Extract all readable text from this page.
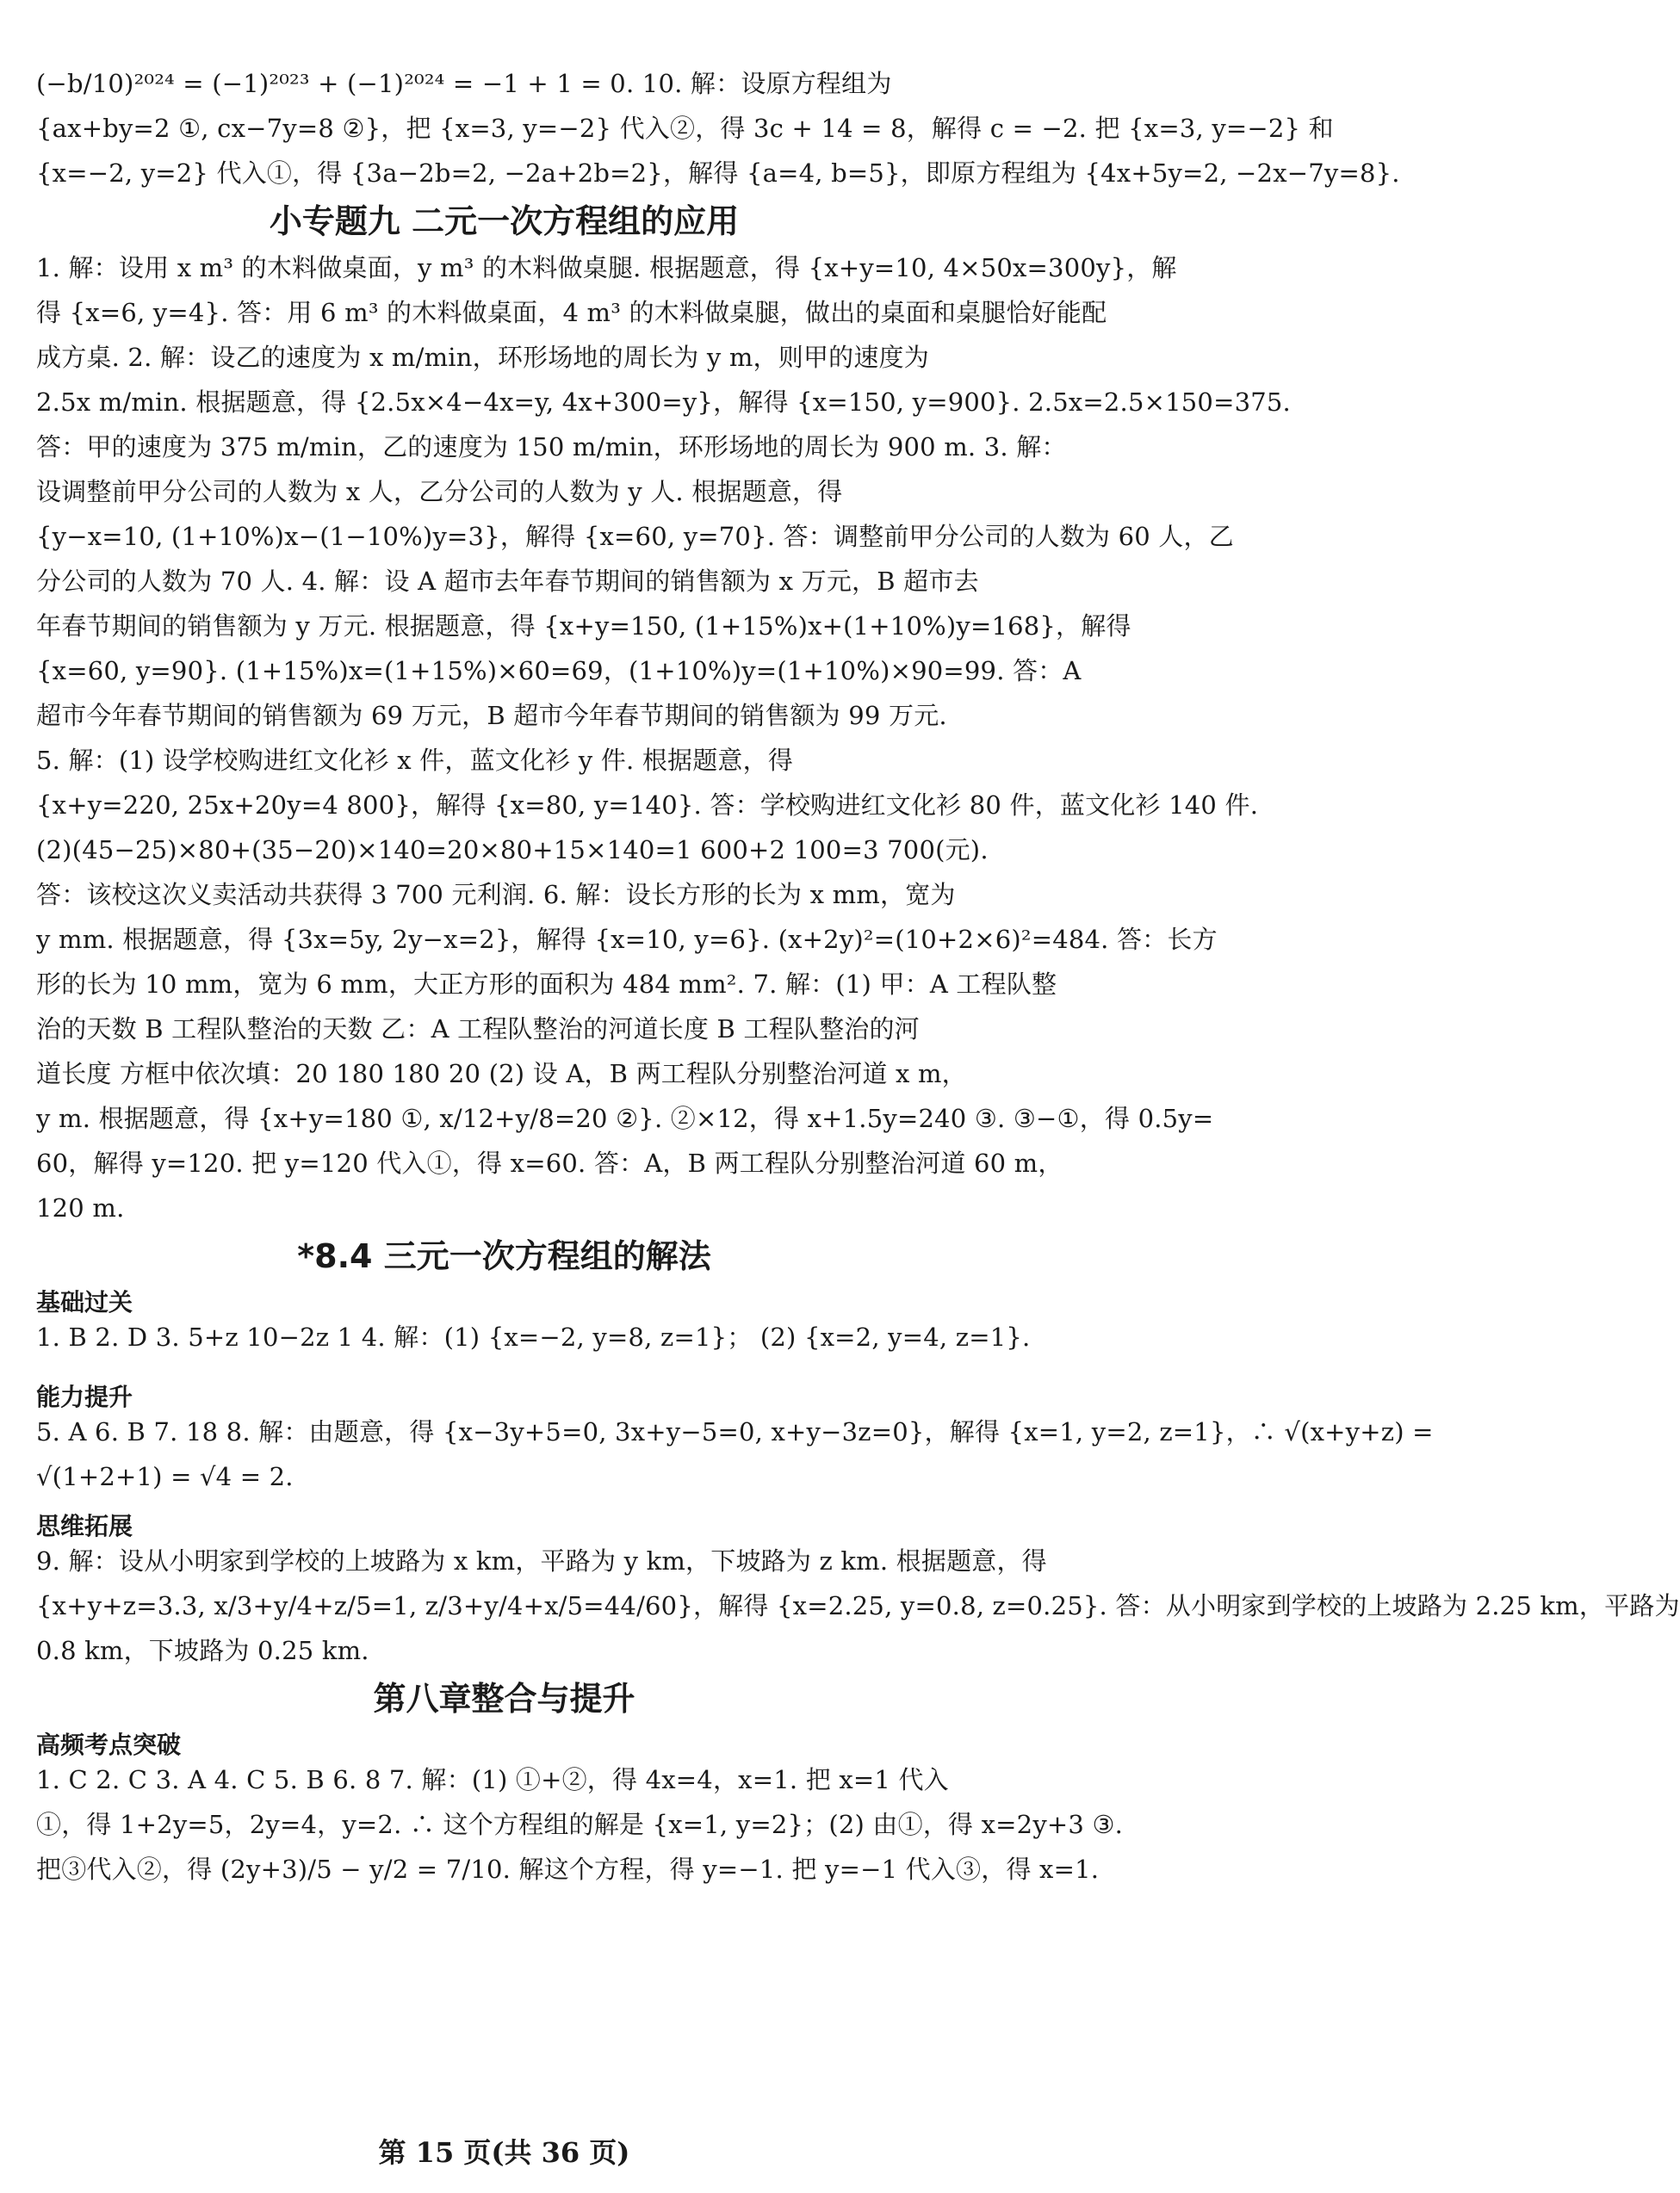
(−b/10)²⁰²⁴ = (−1)²⁰²³ + (−1)²⁰²⁴ = −1 + 1 = 0. 10. 解：设原方程组为

{ax+by=2 ①, cx−7y=8 ②}，把 {x=3, y=−2} 代入②，得 3c + 14 = 8，解得 c = −2. 把 {x=3, y=−2} 和

{x=−2, y=2} 代入①，得 {3a−2b=2, −2a+2b=2}，解得 {a=4, b=5}，即原方程组为 {4x+5y=2, −2x−7y=8}.

小专题九 二元一次方程组的应用

1. 解：设用 x m³ 的木料做桌面，y m³ 的木料做桌腿. 根据题意，得 {x+y=10, 4×50x=300y}，解

得 {x=6, y=4}. 答：用 6 m³ 的木料做桌面，4 m³ 的木料做桌腿，做出的桌面和桌腿恰好能配

成方桌. 2. 解：设乙的速度为 x m/min，环形场地的周长为 y m，则甲的速度为

2.5x m/min. 根据题意，得 {2.5x×4−4x=y, 4x+300=y}，解得 {x=150, y=900}. 2.5x=2.5×150=375.

答：甲的速度为 375 m/min，乙的速度为 150 m/min，环形场地的周长为 900 m. 3. 解：

设调整前甲分公司的人数为 x 人，乙分公司的人数为 y 人. 根据题意，得

{y−x=10, (1+10%)x−(1−10%)y=3}，解得 {x=60, y=70}. 答：调整前甲分公司的人数为 60 人，乙

分公司的人数为 70 人. 4. 解：设 A 超市去年春节期间的销售额为 x 万元，B 超市去

年春节期间的销售额为 y 万元. 根据题意，得 {x+y=150, (1+15%)x+(1+10%)y=168}，解得

{x=60, y=90}. (1+15%)x=(1+15%)×60=69，(1+10%)y=(1+10%)×90=99. 答：A

超市今年春节期间的销售额为 69 万元，B 超市今年春节期间的销售额为 99 万元.

5. 解：(1) 设学校购进红文化衫 x 件，蓝文化衫 y 件. 根据题意，得

{x+y=220, 25x+20y=4 800}，解得 {x=80, y=140}. 答：学校购进红文化衫 80 件，蓝文化衫 140 件.

(2)(45−25)×80+(35−20)×140=20×80+15×140=1 600+2 100=3 700(元).

答：该校这次义卖活动共获得 3 700 元利润. 6. 解：设长方形的长为 x mm，宽为

y mm. 根据题意，得 {3x=5y, 2y−x=2}，解得 {x=10, y=6}. (x+2y)²=(10+2×6)²=484. 答：长方

形的长为 10 mm，宽为 6 mm，大正方形的面积为 484 mm². 7. 解：(1) 甲：A 工程队整

治的天数 B 工程队整治的天数 乙：A 工程队整治的河道长度 B 工程队整治的河

道长度 方框中依次填：20 180 180 20 (2) 设 A，B 两工程队分别整治河道 x m，

y m. 根据题意，得 {x+y=180 ①, x/12+y/8=20 ②}. ②×12，得 x+1.5y=240 ③. ③−①，得 0.5y=

60，解得 y=120. 把 y=120 代入①，得 x=60. 答：A，B 两工程队分别整治河道 60 m，

120 m.

*8.4 三元一次方程组的解法
基础过关

1. B 2. D 3. 5+z 10−2z 1 4. 解：(1) {x=−2, y=8, z=1}； (2) {x=2, y=4, z=1}.

能力提升

5. A 6. B 7. 18 8. 解：由题意，得 {x−3y+5=0, 3x+y−5=0, x+y−3z=0}，解得 {x=1, y=2, z=1}，∴ √(x+y+z) =

√(1+2+1) = √4 = 2.

思维拓展

9. 解：设从小明家到学校的上坡路为 x km，平路为 y km，下坡路为 z km. 根据题意，得

{x+y+z=3.3, x/3+y/4+z/5=1, z/3+y/4+x/5=44/60}，解得 {x=2.25, y=0.8, z=0.25}. 答：从小明家到学校的上坡路为 2.25 km，平路为

0.8 km，下坡路为 0.25 km.

第八章整合与提升
高频考点突破

1. C 2. C 3. A 4. C 5. B 6. 8 7. 解：(1) ①+②，得 4x=4，x=1. 把 x=1 代入

①，得 1+2y=5，2y=4，y=2. ∴ 这个方程组的解是 {x=1, y=2}；(2) 由①，得 x=2y+3 ③.

把③代入②，得 (2y+3)/5 − y/2 = 7/10. 解这个方程，得 y=−1. 把 y=−1 代入③，得 x=1.

第 15 页(共 36 页)
